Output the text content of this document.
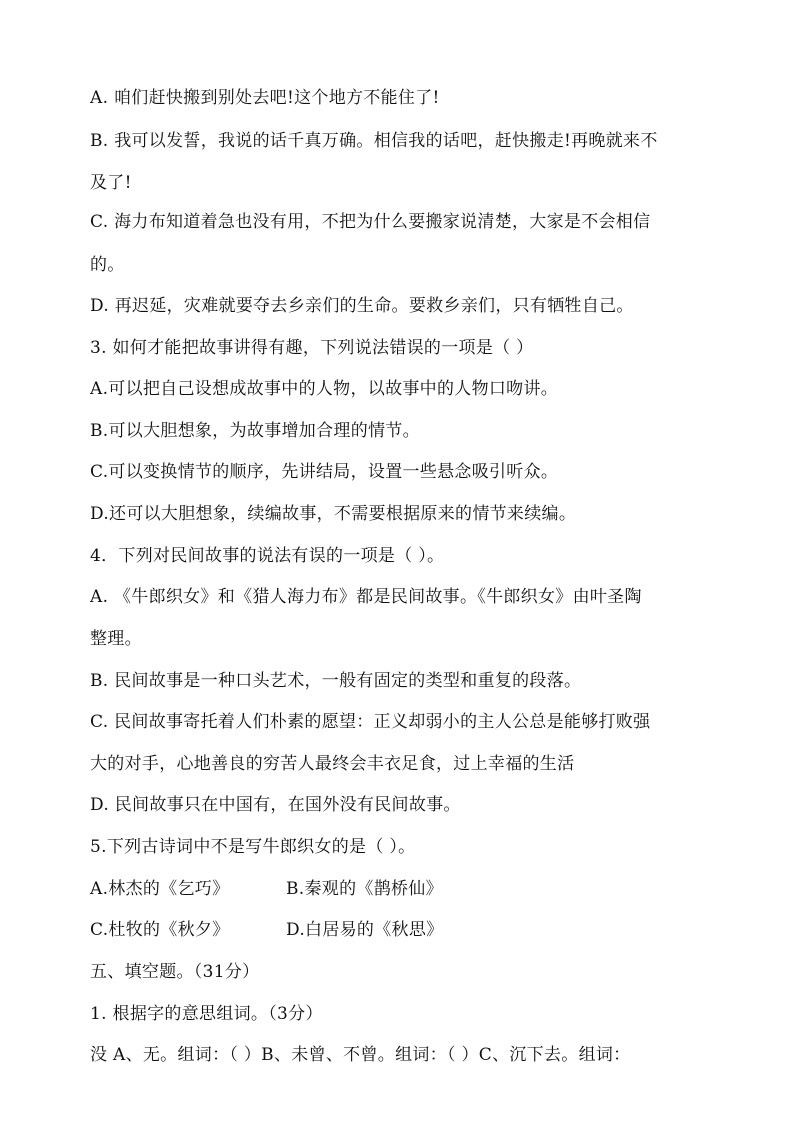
A. 咱们赶快搬到别处去吧!这个地方不能住了!
B. 我可以发誓，我说的话千真万确。相信我的话吧，赶快搬走!再晚就来不
及了!
C. 海力布知道着急也没有用，不把为什么要搬家说清楚，大家是不会相信
的。
D. 再迟延，灾难就要夺去乡亲们的生命。要救乡亲们，只有牺牲自己。
3. 如何才能把故事讲得有趣，下列说法错误的一项是（ ）
A.可以把自己设想成故事中的人物，以故事中的人物口吻讲。
B.可以大胆想象，为故事增加合理的情节。
C.可以变换情节的顺序，先讲结局，设置一些悬念吸引听众。
D.还可以大胆想象，续编故事，不需要根据原来的情节来续编。
4．下列对民间故事的说法有误的一项是（ ）。
A. 《牛郎织女》和《猎人海力布》都是民间故事。《牛郎织女》由叶圣陶
整理。
B. 民间故事是一种口头艺术，一般有固定的类型和重复的段落。
C. 民间故事寄托着人们朴素的愿望：正义却弱小的主人公总是能够打败强
大的对手，心地善良的穷苦人最终会丰衣足食，过上幸福的生活
D. 民间故事只在中国有，在国外没有民间故事。
5.下列古诗词中不是写牛郎织女的是（ ）。
A.林杰的《乞巧》	B.秦观的《鹊桥仙》
C.杜牧的《秋夕》	D.白居易的《秋思》
五、填空题。（31分）
1. 根据字的意思组词。（3分）
没 A、无。组词：（ ）B、未曾、不曾。组词：（ ）C、沉下去。组词：
